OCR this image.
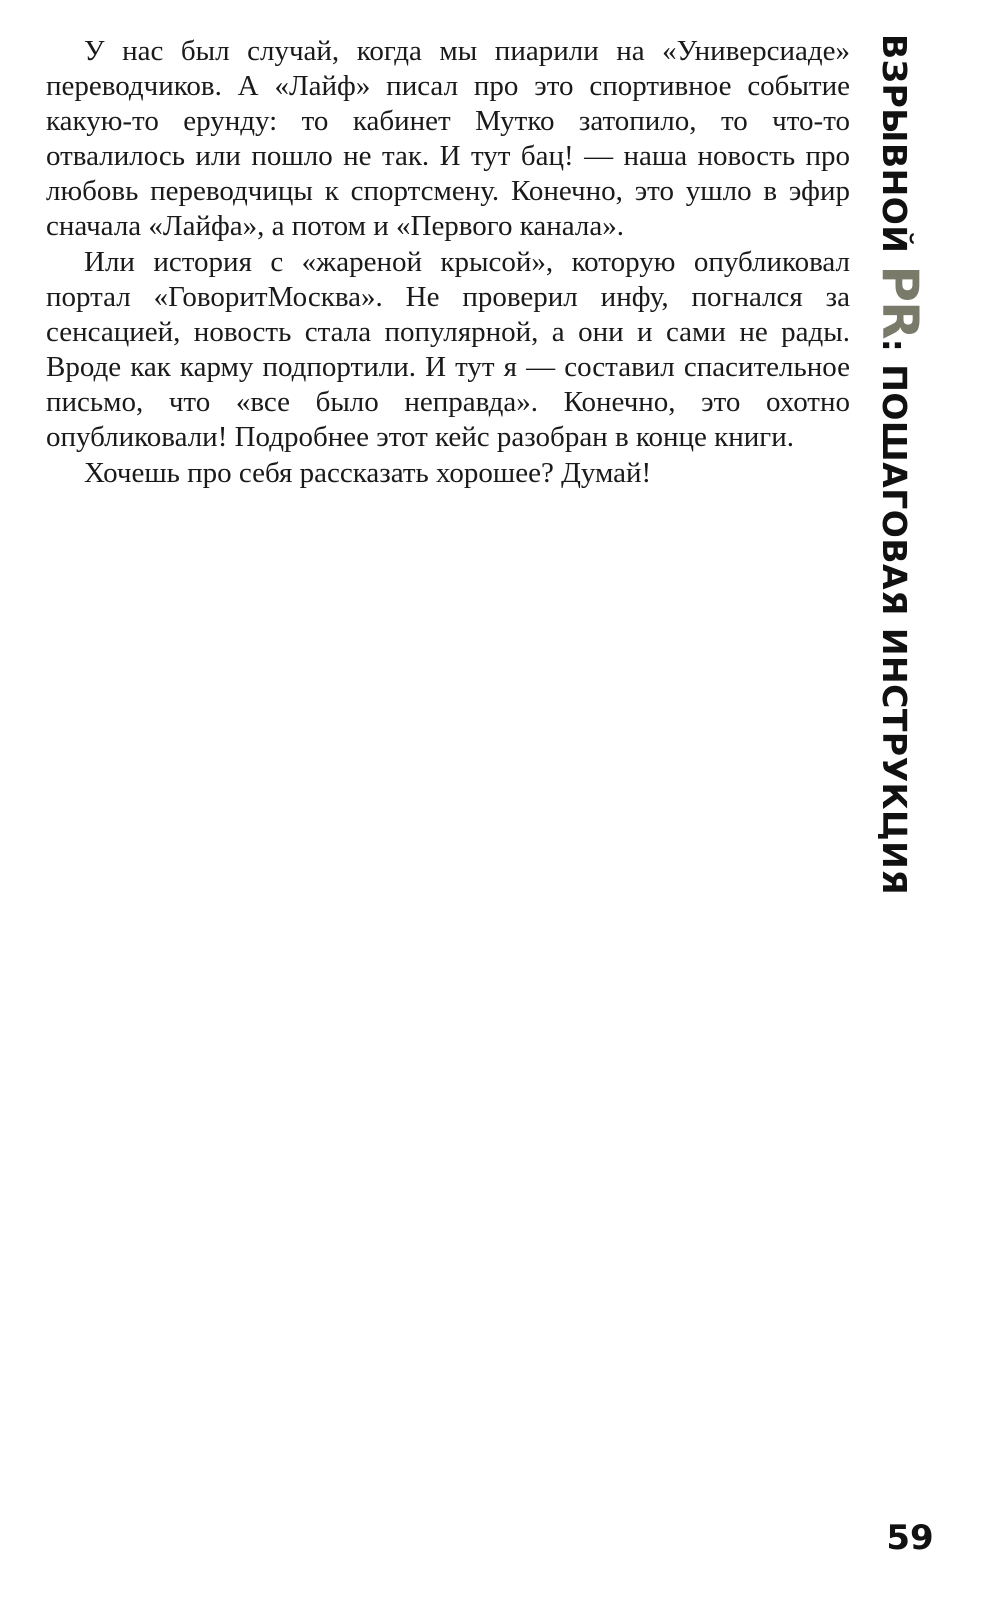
У нас был случай, когда мы пиарили на «Универсиаде» переводчиков. А «Лайф» писал про это спортивное событие какую-то ерунду: то кабинет Мутко затопило, то что-то отвалилось или пошло не так. И тут бац! — наша новость про любовь переводчицы к спортсмену. Конечно, это ушло в эфир сначала «Лайфа», а потом и «Первого канала».

Или история с «жареной крысой», которую опубликовал портал «ГоворитМосква». Не проверил инфу, погнался за сенсацией, новость стала популярной, а они и сами не рады. Вроде как карму подпортили. И тут я — составил спасительное письмо, что «все было неправда». Конечно, это охотно опубликовали! Подробнее этот кейс разобран в конце книги.

Хочешь про себя рассказать хорошее? Думай!

ВЗРЫВНОЙ PR: ПОШАГОВАЯ ИНСТРУКЦИЯ
59
